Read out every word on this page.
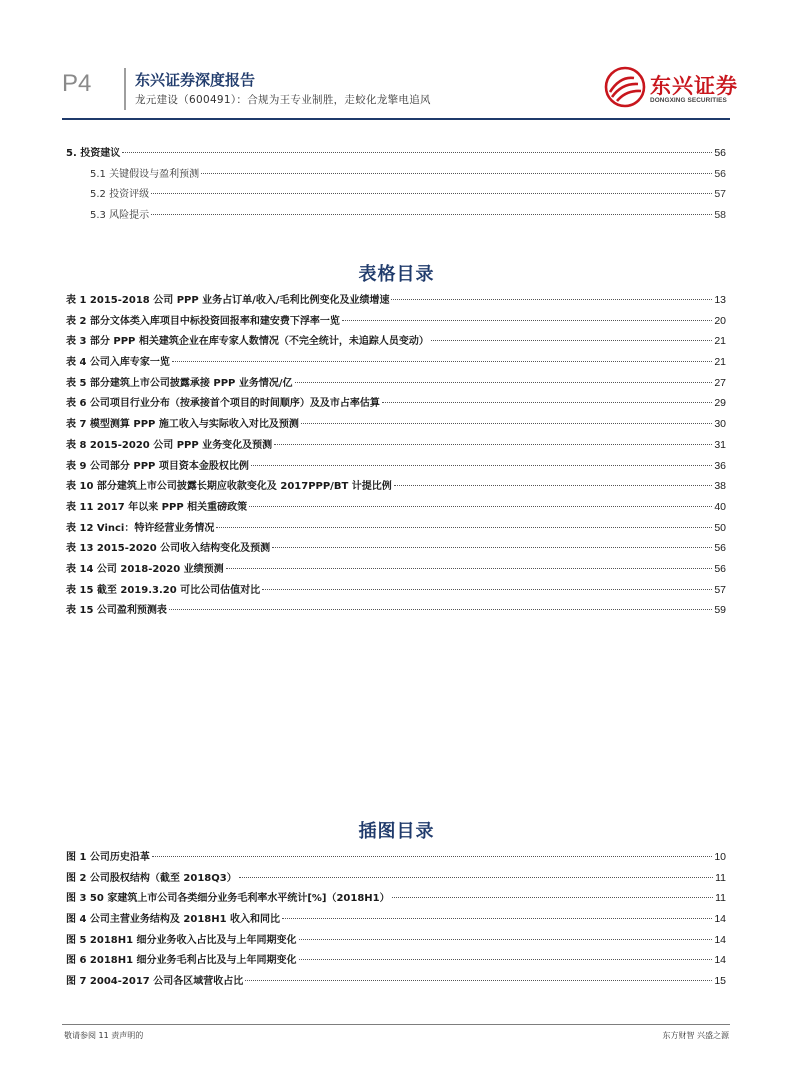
P4	东兴证券深度报告
龙元建设（600491）：合规为王专业制胜，走蛟化龙擎电追风
东兴证券
DONGXING SECURITIES
5. 投资建议	56
5.1 关键假设与盈利预测	56
5.2 投资评级	57
5.3 风险提示	58
表格目录
表 1 2015-2018 公司 PPP 业务占订单/收入/毛利比例变化及业绩增速	13
表 2 部分文体类入库项目中标投资回报率和建安费下浮率一览	20
表 3 部分 PPP 相关建筑企业在库专家人数情况（不完全统计，未追踪人员变动）	21
表 4 公司入库专家一览	21
表 5 部分建筑上市公司披露承接 PPP 业务情况/亿	27
表 6 公司项目行业分布（按承接首个项目的时间顺序）及及市占率估算	29
表 7 模型测算 PPP 施工收入与实际收入对比及预测	30
表 8 2015-2020 公司 PPP 业务变化及预测	31
表 9 公司部分 PPP 项目资本金股权比例	36
表 10 部分建筑上市公司披露长期应收款变化及 2017PPP/BT 计提比例	38
表 11 2017 年以来 PPP 相关重磅政策	40
表 12 Vinci：特许经营业务情况	50
表 13 2015-2020 公司收入结构变化及预测	56
表 14 公司 2018-2020 业绩预测	56
表 15 截至 2019.3.20 可比公司估值对比	57
表 15 公司盈利预测表	59
插图目录
图 1 公司历史沿革	10
图 2 公司股权结构（截至 2018Q3）	11
图 3 50 家建筑上市公司各类细分业务毛利率水平统计[%]（2018H1）	11
图 4 公司主营业务结构及 2018H1 收入和同比	14
图 5 2018H1 细分业务收入占比及与上年同期变化	14
图 6 2018H1 细分业务毛利占比及与上年同期变化	14
图 7 2004-2017 公司各区域营收占比	15
敬请参阅 11 责声明的	东方财智 兴盛之源
